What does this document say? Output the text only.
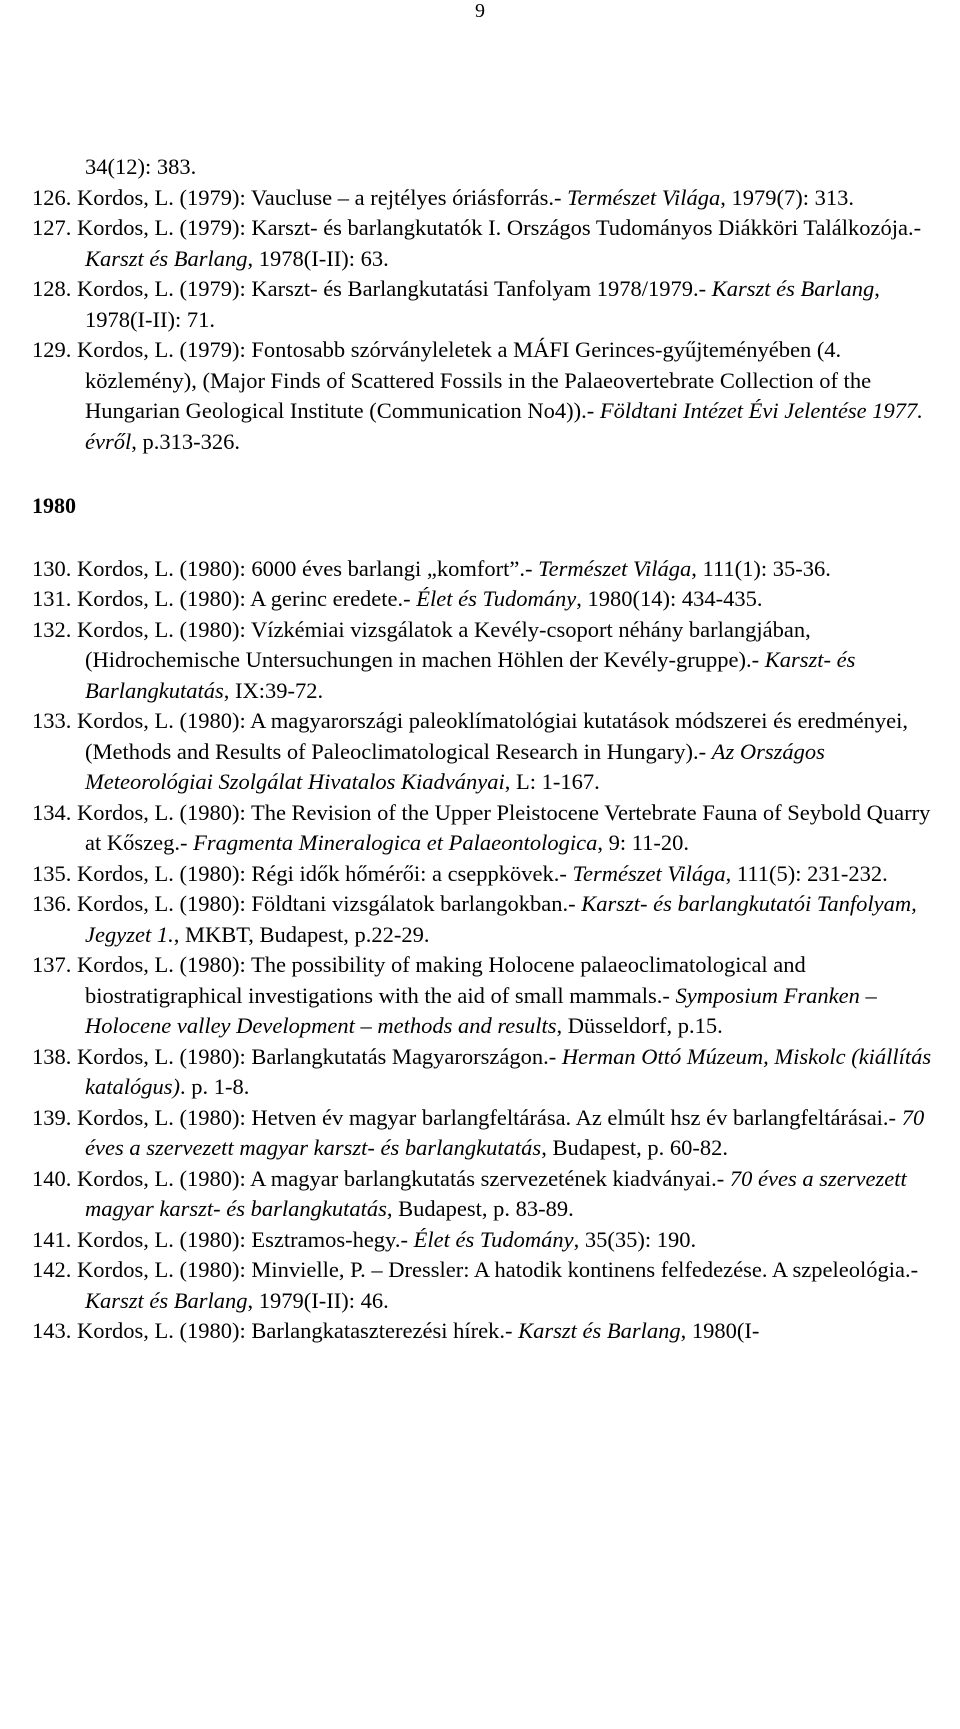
9

34(12): 383.

126. Kordos, L. (1979): Vaucluse – a rejtélyes óriásforrás.- Természet Világa, 1979(7): 313.

127. Kordos, L. (1979): Karszt- és barlangkutatók I. Országos Tudományos Diákköri Találkozója.- Karszt és Barlang, 1978(I-II): 63.

128. Kordos, L. (1979): Karszt- és Barlangkutatási Tanfolyam 1978/1979.- Karszt és Barlang, 1978(I-II): 71.

129. Kordos, L. (1979): Fontosabb szórványleletek a MÁFI Gerinces-gyűjteményében (4. közlemény), (Major Finds of Scattered Fossils in the Palaeovertebrate Collection of the Hungarian Geological Institute (Communication No4)).- Földtani Intézet Évi Jelentése 1977. évről, p.313-326.

1980

130. Kordos, L. (1980): 6000 éves barlangi „komfort”.- Természet Világa, 111(1): 35-36.

131. Kordos, L. (1980): A gerinc eredete.- Élet és Tudomány, 1980(14): 434-435.

132. Kordos, L. (1980): Vízkémiai vizsgálatok a Kevély-csoport néhány barlangjában, (Hidrochemische Untersuchungen in machen Höhlen der Kevély-gruppe).- Karszt- és Barlangkutatás, IX:39-72.

133. Kordos, L. (1980): A magyarországi paleoklímatológiai kutatások módszerei és eredményei, (Methods and Results of Paleoclimatological Research in Hungary).- Az Országos Meteorológiai Szolgálat Hivatalos Kiadványai, L: 1-167.

134. Kordos, L. (1980): The Revision of the Upper Pleistocene Vertebrate Fauna of Seybold Quarry at Kőszeg.- Fragmenta Mineralogica et Palaeontologica, 9: 11-20.

135. Kordos, L. (1980): Régi idők hőmérői: a cseppkövek.- Természet Világa, 111(5): 231-232.

136. Kordos, L. (1980): Földtani vizsgálatok barlangokban.- Karszt- és barlangkutatói Tanfolyam, Jegyzet 1., MKBT, Budapest, p.22-29.

137. Kordos, L. (1980): The possibility of making Holocene palaeoclimatological and biostratigraphical investigations with the aid of small mammals.- Symposium Franken – Holocene valley Development – methods and results, Düsseldorf, p.15.

138. Kordos, L. (1980): Barlangkutatás Magyarországon.- Herman Ottó Múzeum, Miskolc (kiállítás katalógus). p. 1-8.

139. Kordos, L. (1980): Hetven év magyar barlangfeltárása. Az elmúlt hsz év barlangfeltárásai.- 70 éves a szervezett magyar karszt- és barlangkutatás, Budapest, p. 60-82.

140. Kordos, L. (1980): A magyar barlangkutatás szervezetének kiadványai.- 70 éves a szervezett magyar karszt- és barlangkutatás, Budapest, p. 83-89.

141. Kordos, L. (1980): Esztramos-hegy.- Élet és Tudomány, 35(35): 190.

142. Kordos, L. (1980): Minvielle, P. – Dressler: A hatodik kontinens felfedezése. A szpeleológia.- Karszt és Barlang, 1979(I-II): 46.

143. Kordos, L. (1980): Barlangkataszterezési hírek.- Karszt és Barlang, 1980(I-
